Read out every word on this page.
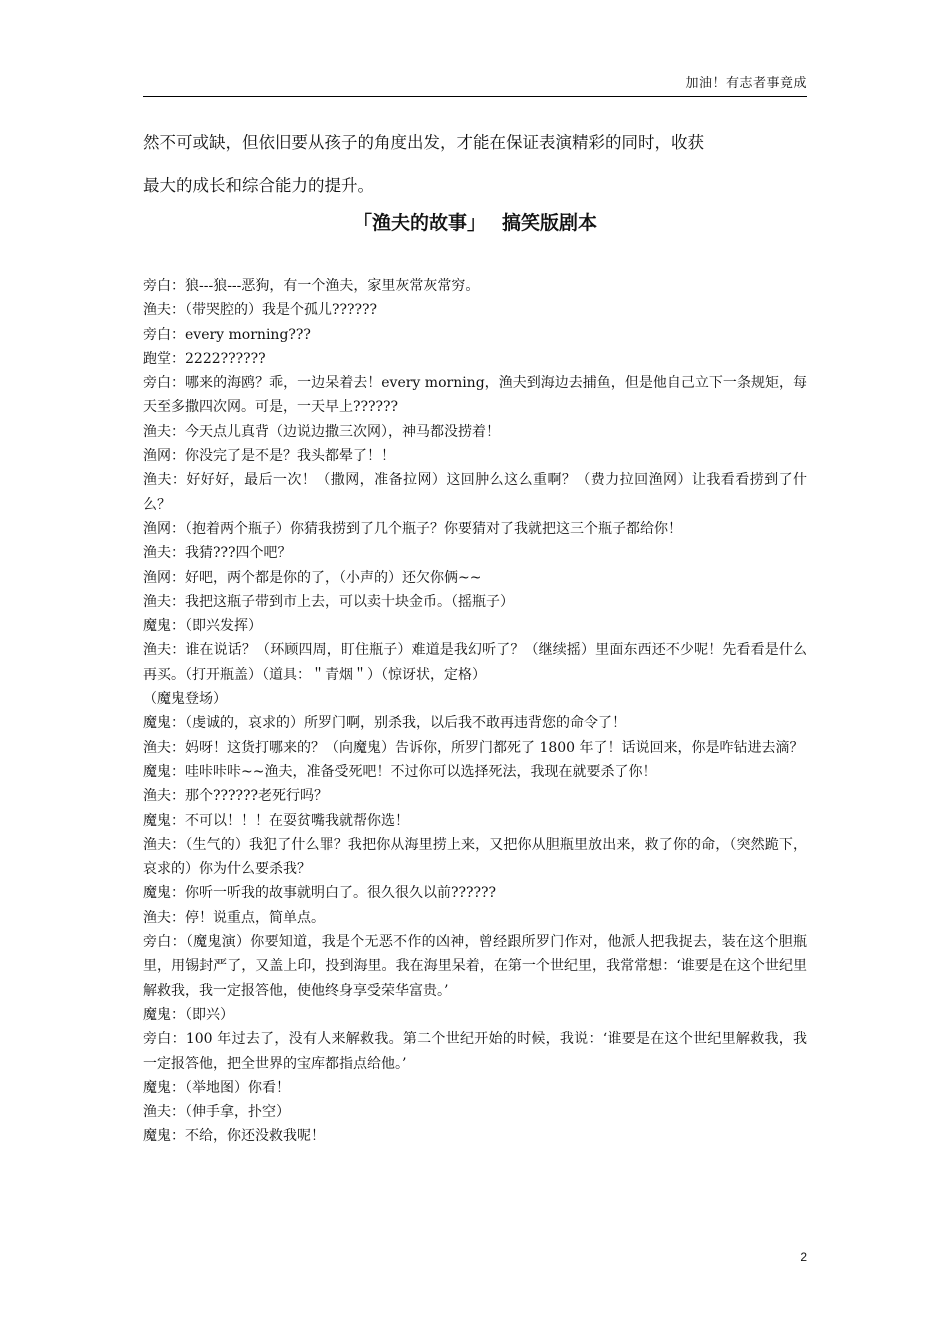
加油！有志者事竟成

然不可或缺，但依旧要从孩子的角度出发，才能在保证表演精彩的同时，收获

最大的成长和综合能力的提升。

「渔夫的故事」　 搞笑版剧本

旁白 ： 狼---狼---恶狗，有一个渔夫，家里灰常灰常穷。

渔夫 ： （带哭腔的）我是个孤儿??????

旁白 ： every morning???

跑堂 ： 2222??????

旁白 ： 哪来的海鸥？乖，一边呆着去！every morning，渔夫到海边去捕鱼，但是他自己立下一条规矩，每天至多撒四次网。可是，一天早上??????

渔夫 ： 今天点儿真背（边说边撒三次网），神马都没捞着！

渔网 ： 你没完了是不是？我头都晕了！！

渔夫 ： 好好好，最后一次！（撒网，准备拉网）这回肿么这么重啊？（费力拉回渔网）让我看看捞到了什么？

渔网 ： （抱着两个瓶子）你猜我捞到了几个瓶子？你要猜对了我就把这三个瓶子都给你！

渔夫 ： 我猜???四个吧？

渔网 ： 好吧，两个都是你的了，（小声的）还欠你俩~~

渔夫 ： 我把这瓶子带到市上去，可以卖十块金币。（摇瓶子）

魔鬼 ： （即兴发挥）

渔夫 ： 谁在说话？（环顾四周，盯住瓶子）难道是我幻听了？（继续摇）里面东西还不少呢！先看看是什么再买。（打开瓶盖）（道具：＂青烟＂）（惊讶状，定格）

（魔鬼登场）

魔鬼 ： （虔诚的，哀求的）所罗门啊，别杀我，以后我不敢再违背您的命令了！

渔夫 ： 妈呀！这货打哪来的？（向魔鬼）告诉你，所罗门都死了 1800 年了！话说回来，你是咋钻进去滴？

魔鬼 ： 哇咔咔咔~~渔夫，准备受死吧！不过你可以选择死法，我现在就要杀了你！

渔夫 ： 那个??????老死行吗？

魔鬼 ： 不可以！！！在耍贫嘴我就帮你选！

渔夫 ： （生气的）我犯了什么罪？我把你从海里捞上来，又把你从胆瓶里放出来，救了你的命，（突然跪下，哀求的）你为什么要杀我？

魔鬼 ： 你听一听我的故事就明白了。很久很久以前??????

渔夫 ： 停！说重点，简单点。

旁白 ： （魔鬼演）你要知道，我是个无恶不作的凶神，曾经跟所罗门作对，他派人把我捉去，装在这个胆瓶里，用锡封严了，又盖上印，投到海里。我在海里呆着，在第一个世纪里，我常常想：‘谁要是在这个世纪里解救我，我一定报答他，使他终身享受荣华富贵。’

魔鬼 ： （即兴）

旁白 ： 100 年过去了，没有人来解救我。第二个世纪开始的时候，我说：‘谁要是在这个世纪里解救我，我一定报答他，把全世界的宝库都指点给他。’

魔鬼 ： （举地图）你看！

渔夫 ： （伸手拿，扑空）

魔鬼 ： 不给，你还没救我呢！

2
